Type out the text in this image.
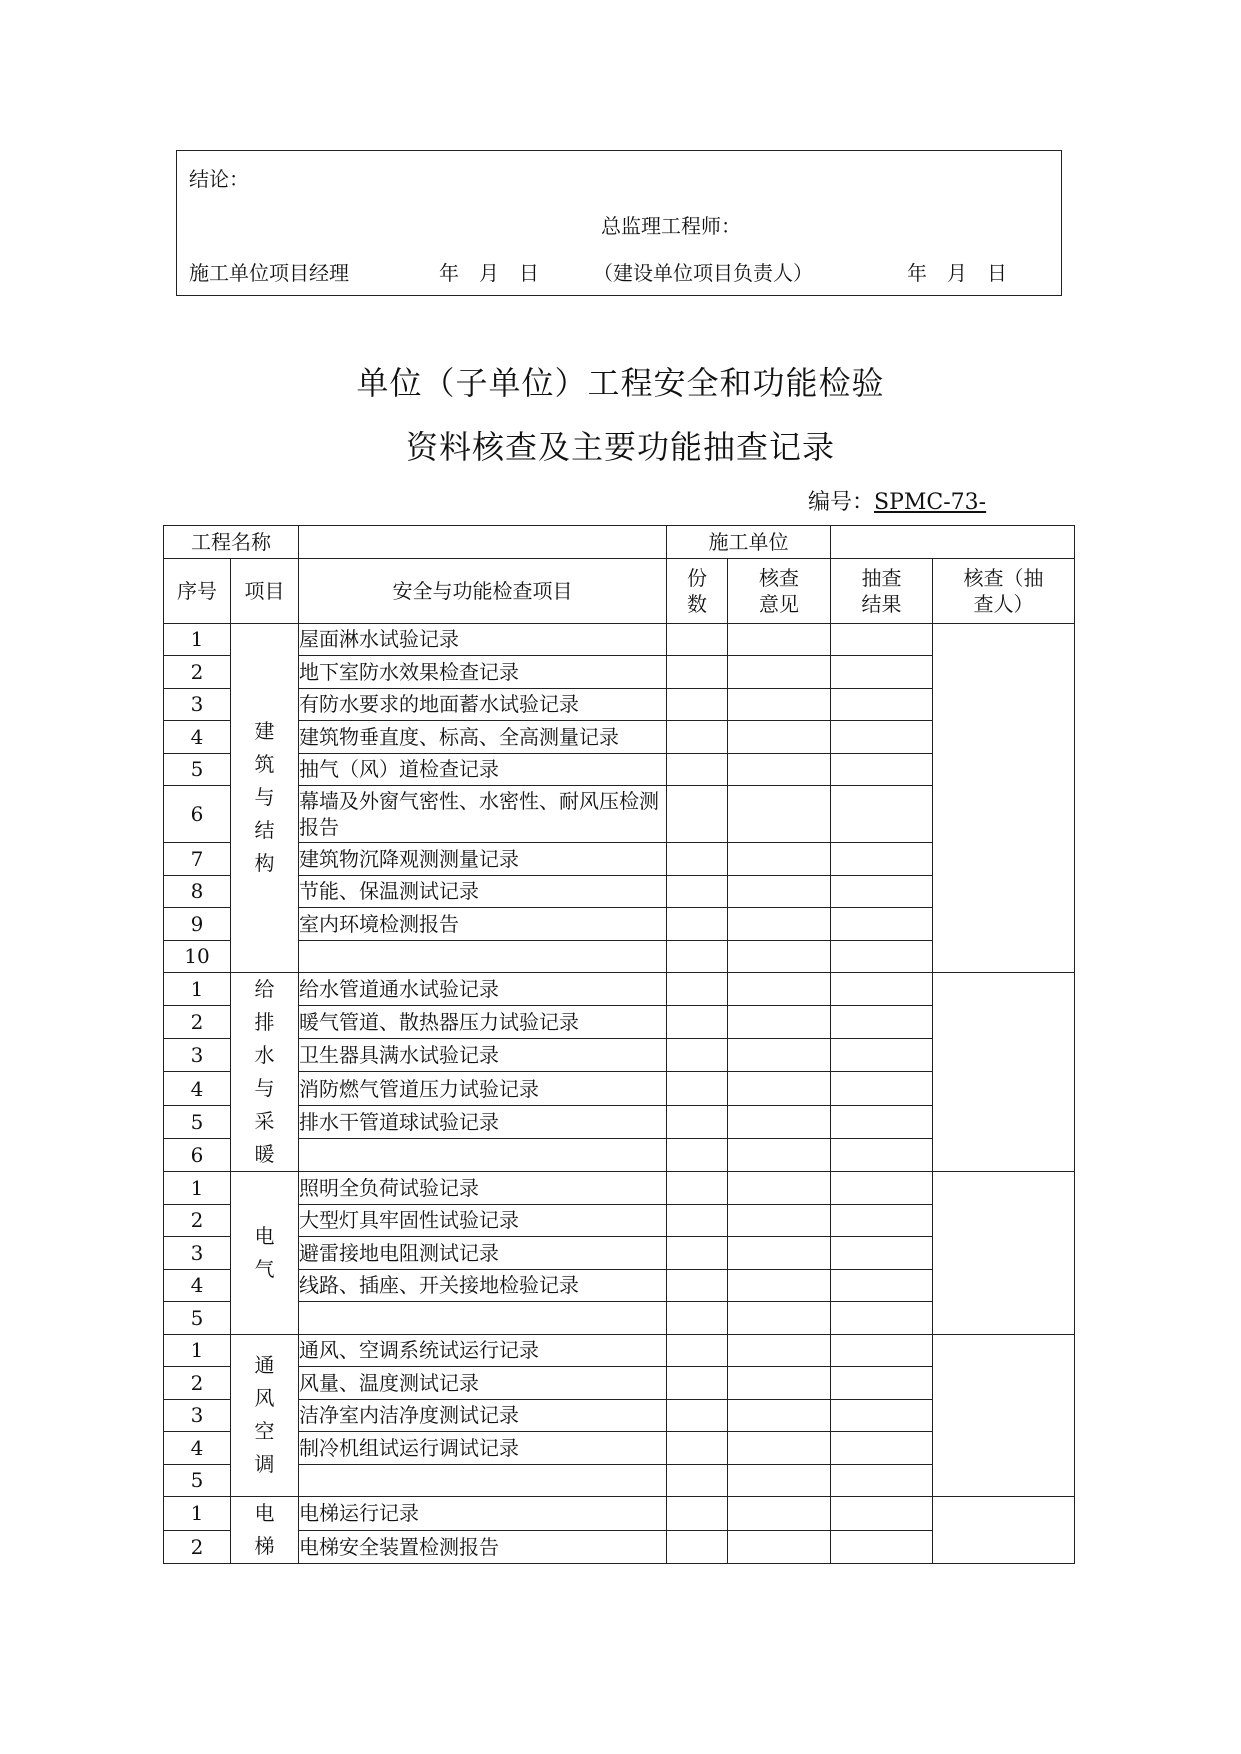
结论：
总监理工程师：
施工单位项目经理	年　月　日	（建设单位项目负责人）	年　月　日
单位（子单位）工程安全和功能检验
资料核查及主要功能抽查记录
编号：SPMC-73-
工程名称			施工单位			
序号	项目	安全与功能检查项目	份数	核查意见	抽查结果	核查（抽查人）
1	建筑与结构	屋面淋水试验记录				
2		地下室防水效果检查记录				
3		有防水要求的地面蓄水试验记录				
4		建筑物垂直度、标高、全高测量记录				
5		抽气（风）道检查记录				
6		幕墙及外窗气密性、水密性、耐风压检测报告				
7		建筑物沉降观测测量记录				
8		节能、保温测试记录				
9		室内环境检测报告				
10						
1	给排水与采暖	给水管道通水试验记录				
2		暖气管道、散热器压力试验记录				
3		卫生器具满水试验记录				
4		消防燃气管道压力试验记录				
5		排水干管道球试验记录				
6						
1	电气	照明全负荷试验记录				
2		大型灯具牢固性试验记录				
3		避雷接地电阻测试记录				
4		线路、插座、开关接地检验记录				
5						
1	通风空调	通风、空调系统试运行记录				
2		风量、温度测试记录				
3		洁净室内洁净度测试记录				
4		制冷机组试运行调试记录				
5						
1	电梯	电梯运行记录				
2		电梯安全装置检测报告				
